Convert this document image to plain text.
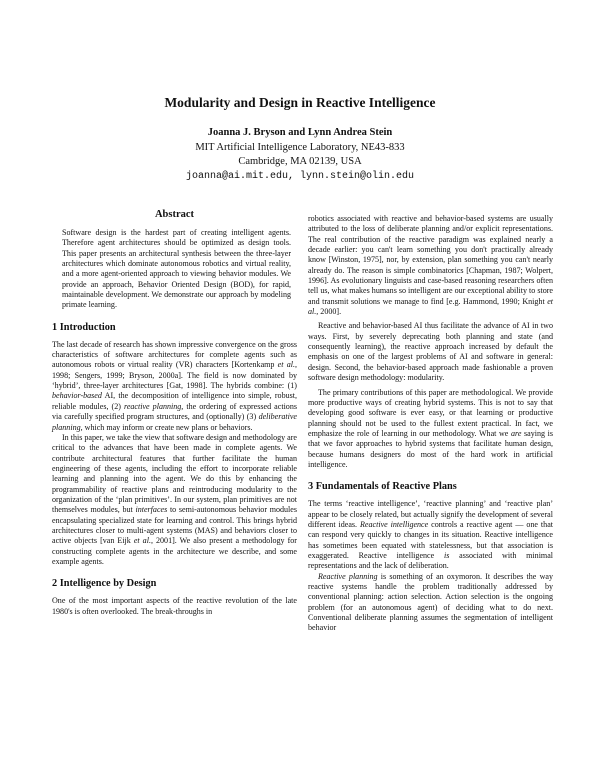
Modularity and Design in Reactive Intelligence
Joanna J. Bryson and Lynn Andrea Stein
MIT Artificial Intelligence Laboratory, NE43-833
Cambridge, MA 02139, USA
joanna@ai.mit.edu, lynn.stein@olin.edu
Abstract

Software design is the hardest part of creating intelligent agents. Therefore agent architectures should be optimized as design tools. This paper presents an architectural synthesis between the three-layer architectures which dominate autonomous robotics and virtual reality, and a more agent-oriented approach to viewing behavior modules. We provide an approach, Behavior Oriented Design (BOD), for rapid, maintainable development. We demonstrate our approach by modeling primate learning.

1 Introduction

The last decade of research has shown impressive convergence on the gross characteristics of software architectures for complete agents such as autonomous robots or virtual reality (VR) characters [Kortenkamp et al., 1998; Sengers, 1999; Bryson, 2000a]. The field is now dominated by ‘hybrid’, three-layer architectures [Gat, 1998]. The hybrids combine: (1) behavior-based AI, the decomposition of intelligence into simple, robust, reliable modules, (2) reactive planning, the ordering of expressed actions via carefully specified program structures, and (optionally) (3) deliberative planning, which may inform or create new plans or behaviors.

In this paper, we take the view that software design and methodology are critical to the advances that have been made in complete agents. We contribute architectural features that further facilitate the human engineering of these agents, including the effort to incorporate reliable learning and planning into the agent. We do this by enhancing the programmability of reactive plans and reintroducing modularity to the organization of the ‘plan primitives’. In our system, plan primitives are not themselves modules, but interfaces to semi-autonomous behavior modules encapsulating specialized state for learning and control. This brings hybrid architectures closer to multi-agent systems (MAS) and behaviors closer to active objects [van Eijk et al., 2001]. We also present a methodology for constructing complete agents in the architecture we describe, and some example agents.

2 Intelligence by Design

One of the most important aspects of the reactive revolution of the late 1980's is often overlooked. The break-throughs in

robotics associated with reactive and behavior-based systems are usually attributed to the loss of deliberate planning and/or explicit representations. The real contribution of the reactive paradigm was explained nearly a decade earlier: you can't learn something you don't practically already know [Winston, 1975], nor, by extension, plan something you can't nearly already do. The reason is simple combinatorics [Chapman, 1987; Wolpert, 1996]. As evolutionary linguists and case-based reasoning researchers often tell us, what makes humans so intelligent are our exceptional ability to store and transmit solutions we manage to find [e.g. Hammond, 1990; Knight et al., 2000].

Reactive and behavior-based AI thus facilitate the advance of AI in two ways. First, by severely deprecating both planning and state (and consequently learning), the reactive approach increased by default the emphasis on one of the largest problems of AI and software in general: design. Second, the behavior-based approach made fashionable a proven software design methodology: modularity.

The primary contributions of this paper are methodological. We provide more productive ways of creating hybrid systems. This is not to say that developing good software is ever easy, or that learning or productive planning should not be used to the fullest extent practical. In fact, we emphasize the role of learning in our methodology. What we are saying is that we favor approaches to hybrid systems that facilitate human design, because humans designers do most of the hard work in artificial intelligence.

3 Fundamentals of Reactive Plans

The terms ‘reactive intelligence’, ‘reactive planning’ and ‘reactive plan’ appear to be closely related, but actually signify the development of several different ideas. Reactive intelligence controls a reactive agent — one that can respond very quickly to changes in its situation. Reactive intelligence has sometimes been equated with statelessness, but that association is exaggerated. Reactive intelligence is associated with minimal representations and the lack of deliberation.

Reactive planning is something of an oxymoron. It describes the way reactive systems handle the problem traditionally addressed by conventional planning: action selection. Action selection is the ongoing problem (for an autonomous agent) of deciding what to do next. Conventional deliberate planning assumes the segmentation of intelligent behavior
